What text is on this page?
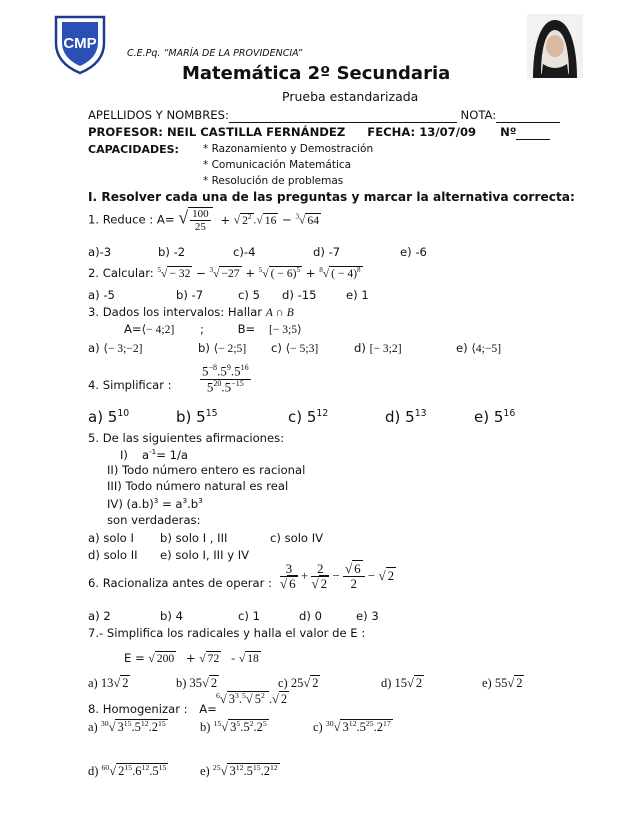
CMP
C.E.Pq. “MARÍA DE LA PROVIDENCIA”
Matemática 2º Secundaria
Prueba estandarizada
APELLIDOS Y NOMBRES:	NOTA:
PROFESOR: NEIL CASTILLA FERNÁNDEZ FECHA: 13/07/09 Nº
CAPACIDADES: * Razonamiento y Demostración
* Comunicación Matemática
* Resolución de problemas
I. Resolver cada una de las preguntas y marcar la alternativa correcta:
1. Reduce : A= √ $\frac{100}{25}$ + √ $2^2$ .√ 16 − $^3$√ 64
a)-3	b) -2	c)-4	d) -7	e) -6
2. Calcular: $^5$√ − 32 − $^3$√ −27 + $^5$√ ( − 6)$^5$ + $^8$√ ( − 4)$^8$
a) -5	b) -7	c) 5 d) -15	e) 1
3. Dados los intervalos: Hallar A ∩ B
A=⟨− 4;2] ;	B= [− 3;5⟩
a) ⟨− 3;−2]	b) ⟨− 2;5] c) ⟨− 5;3]	d) [− 3;2]	e) ⟨4;−5]
4. Simplificar : $\frac{5^{-8}.5^9.5^{16}}{5^{20}.5^{-15}}$
a) $5^{10}$	b) $5^{15}$	c) $5^{12}$	d) $5^{13}$	e) $5^{16}$
5. De las siguientes afirmaciones:
I) $a^{-1}= 1/a$
II) Todo número entero es racional
III) Todo número natural es real
IV) $(a.b)^3 = a^3.b^3$
son verdaderas:
a) solo I b) solo I , III	c) solo IV
d) solo II e) solo I, III y IV
6. Racionaliza antes de operar : $\frac{3}{√ 6} + \frac{2}{√ 2} - \frac{√ 6}{2}$ − √ 2
a) 2	b) 4	c) 1	d) 0	e) 3
7.- Simplifica los radicales y halla el valor de E :
E = √ 200 + √ 72 - √ 18
a) 13√ 2	b) 35√ 2	c) 25√ 2	d) 15√ 2	e) 55√ 2
8. Homogenizar : A=
$^6$√ $3^3.^5√$ $5^2$ .√ 2
a) $^{30}$√ $3^{15}.5^{12}.2^{15}$	b) $^{15}$√ $3^5.5^2.2^5$	c) $^{30}$√ $3^{12}.5^{25}.2^{17}$
d) $^{60}$√ $2^{15}.6^{12}.5^{15}$	e) $^{25}$√ $3^{12}.5^{15}.2^{12}$
